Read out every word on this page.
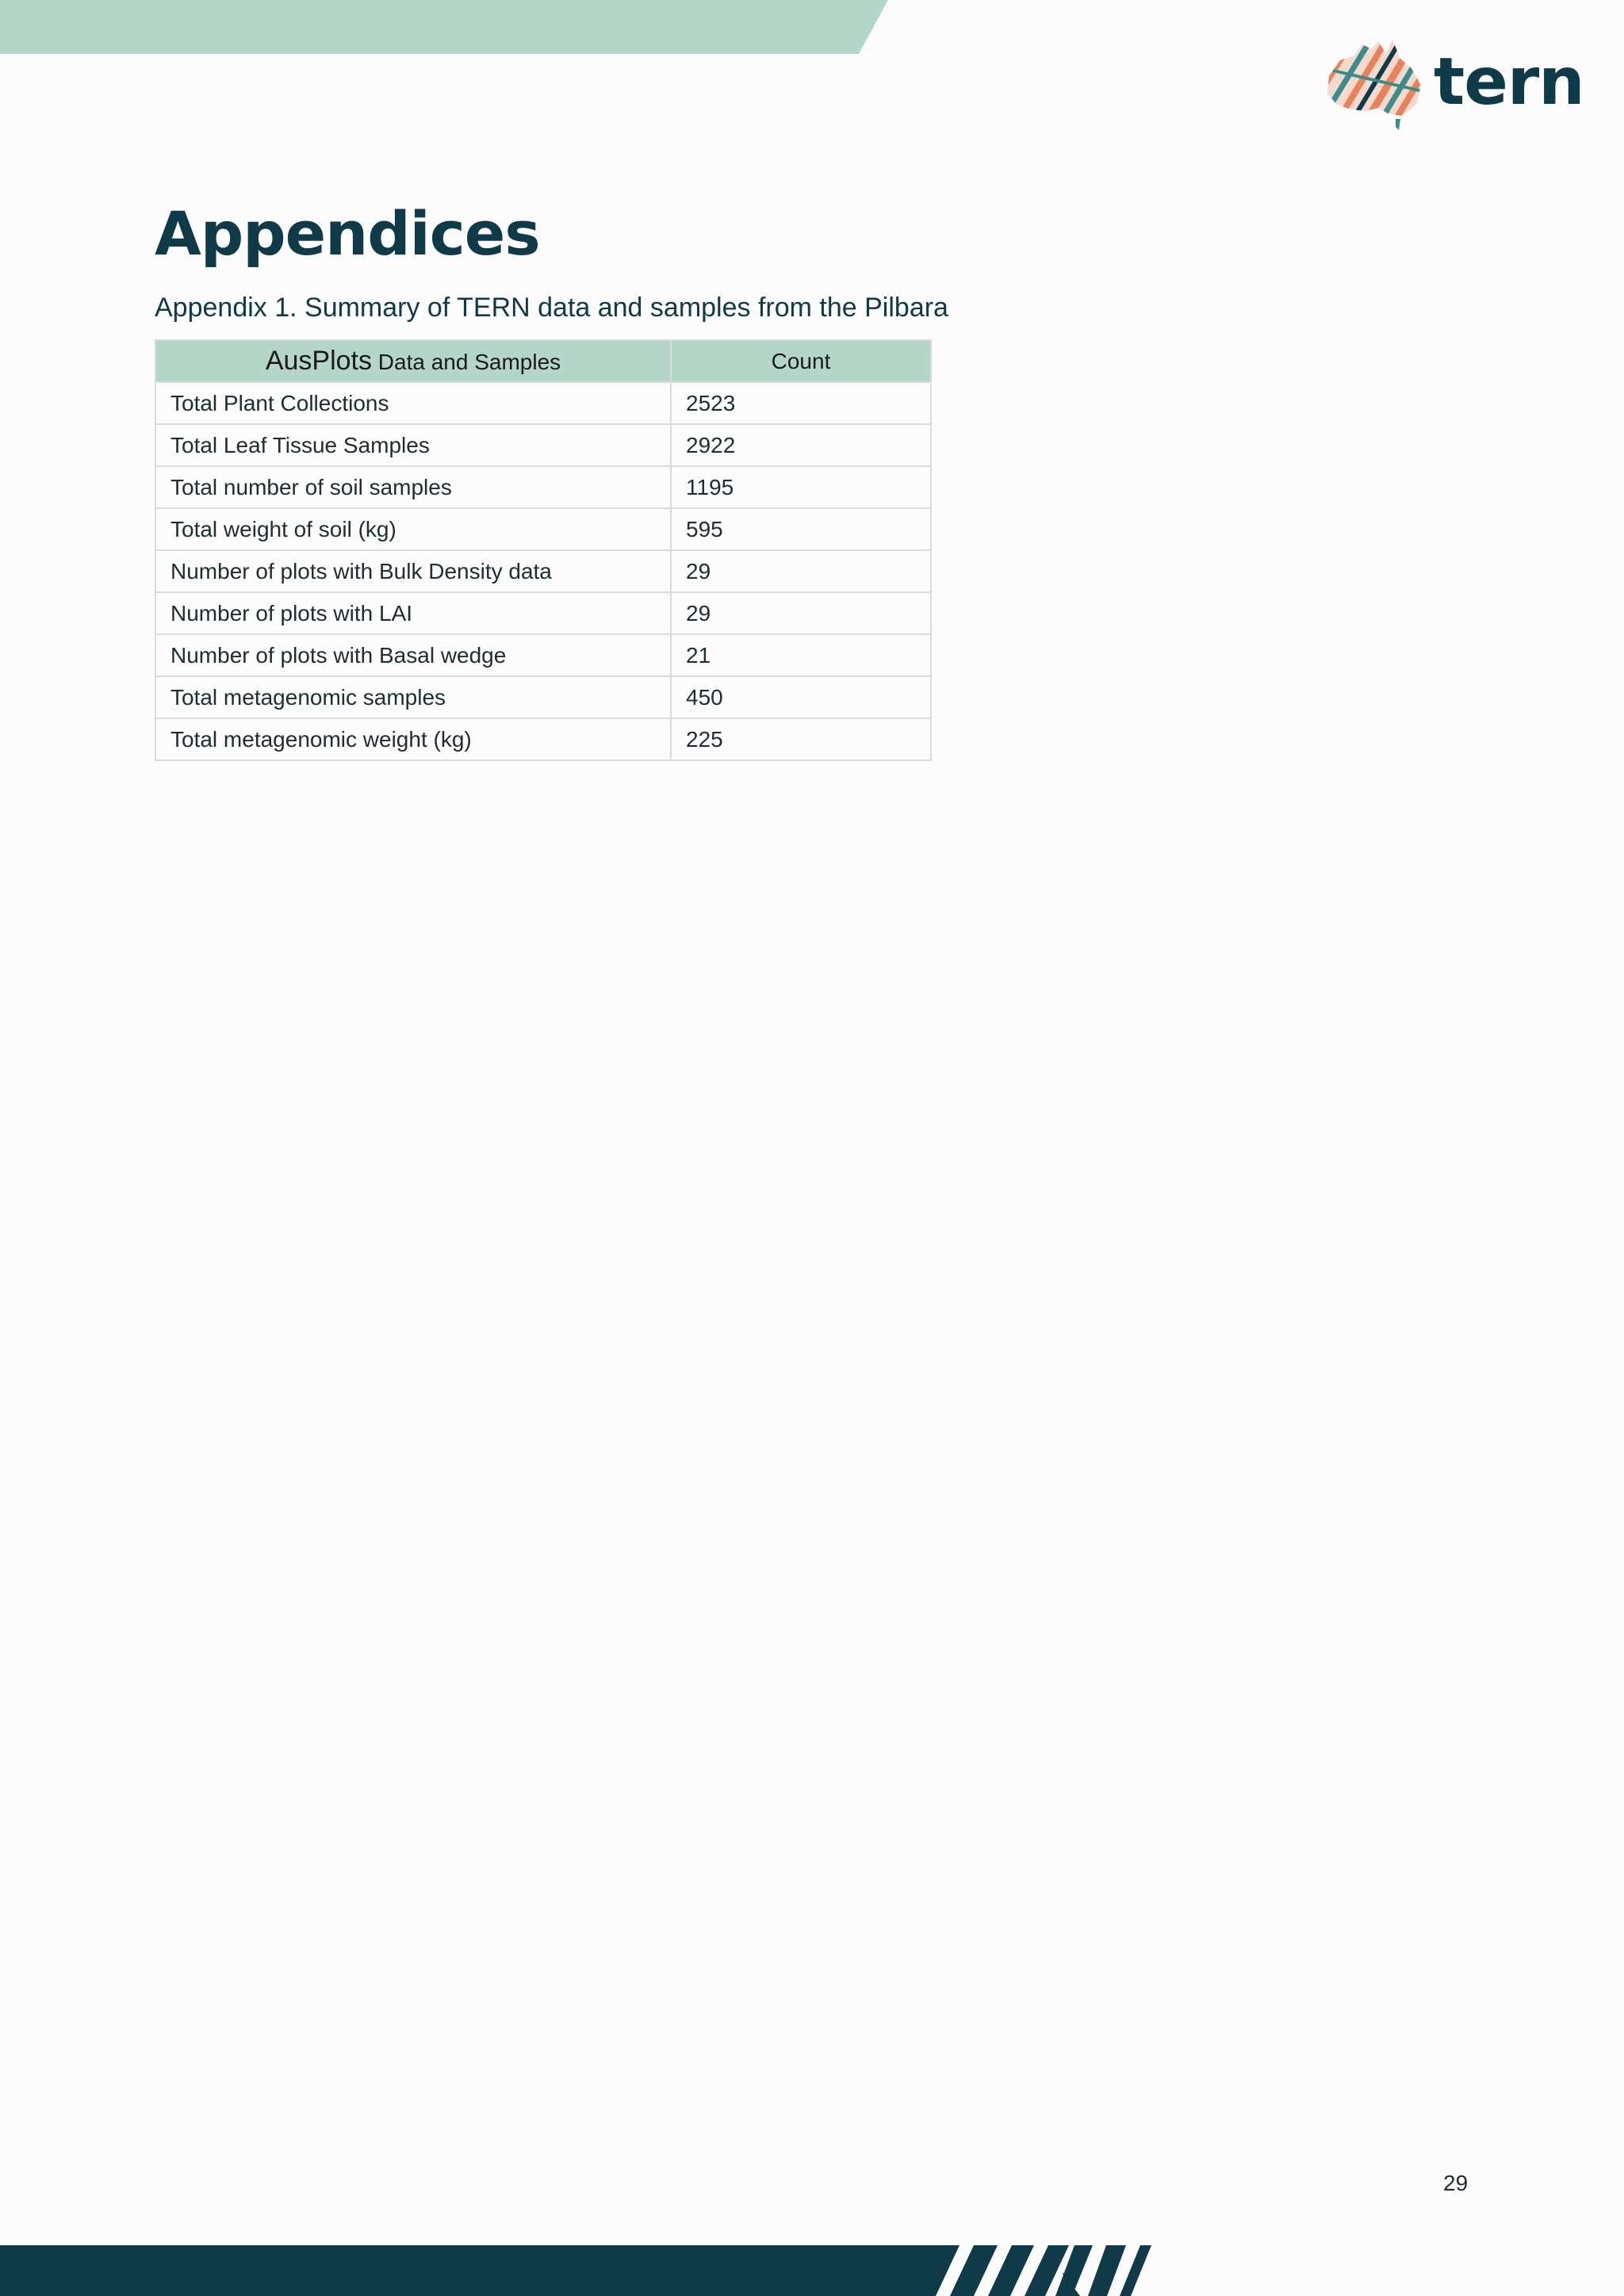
tern
Appendices
Appendix 1. Summary of TERN data and samples from the Pilbara
AusPlots Data and Samples	Count
Total Plant Collections	2523
Total Leaf Tissue Samples	2922
Total number of soil samples	1195
Total weight of soil (kg)	595
Number of plots with Bulk Density data	29
Number of plots with LAI	29
Number of plots with Basal wedge	21
Total metagenomic samples	450
Total metagenomic weight (kg)	225
29
